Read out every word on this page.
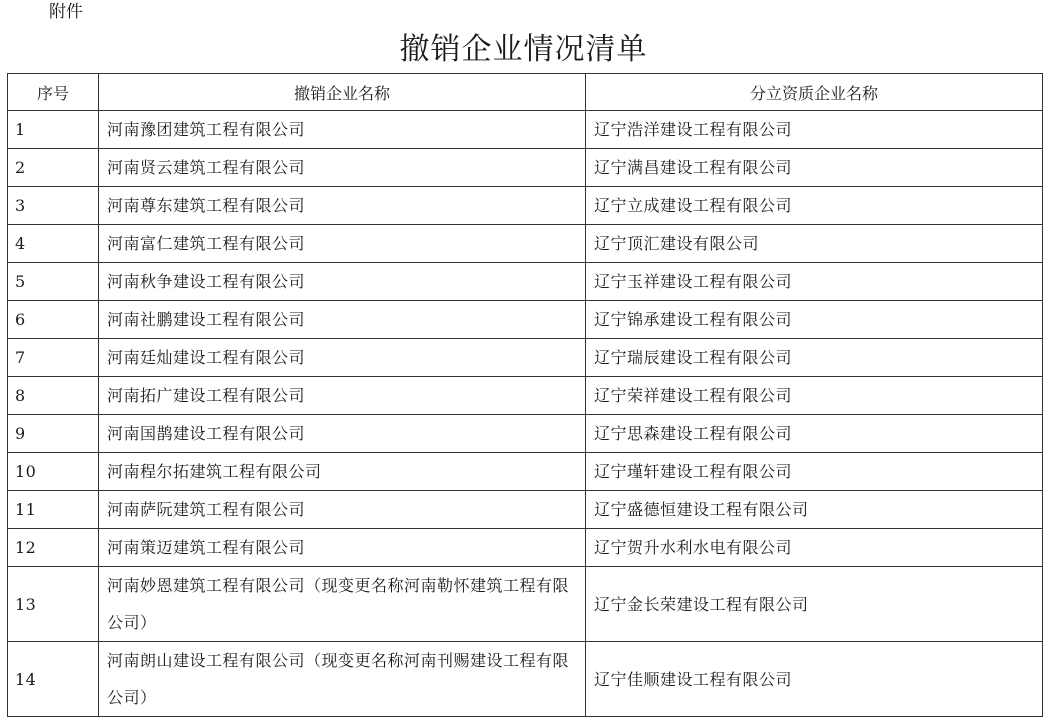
附件
撤销企业情况清单
序号	撤销企业名称	分立资质企业名称
1	河南豫团建筑工程有限公司	辽宁浩洋建设工程有限公司
2	河南贤云建筑工程有限公司	辽宁满昌建设工程有限公司
3	河南尊东建筑工程有限公司	辽宁立成建设工程有限公司
4	河南富仁建筑工程有限公司	辽宁顶汇建设有限公司
5	河南秋争建设工程有限公司	辽宁玉祥建设工程有限公司
6	河南社鹏建设工程有限公司	辽宁锦承建设工程有限公司
7	河南廷灿建设工程有限公司	辽宁瑞辰建设工程有限公司
8	河南拓广建设工程有限公司	辽宁荣祥建设工程有限公司
9	河南国鹊建设工程有限公司	辽宁思森建设工程有限公司
10	河南程尔拓建筑工程有限公司	辽宁瑾轩建设工程有限公司
11	河南萨阮建筑工程有限公司	辽宁盛德恒建设工程有限公司
12	河南策迈建筑工程有限公司	辽宁贺升水利水电有限公司
13	河南妙恩建筑工程有限公司（现变更名称河南勒怀建筑工程有限公司）	辽宁金长荣建设工程有限公司
14	河南朗山建设工程有限公司（现变更名称河南刊赐建设工程有限公司）	辽宁佳顺建设工程有限公司
